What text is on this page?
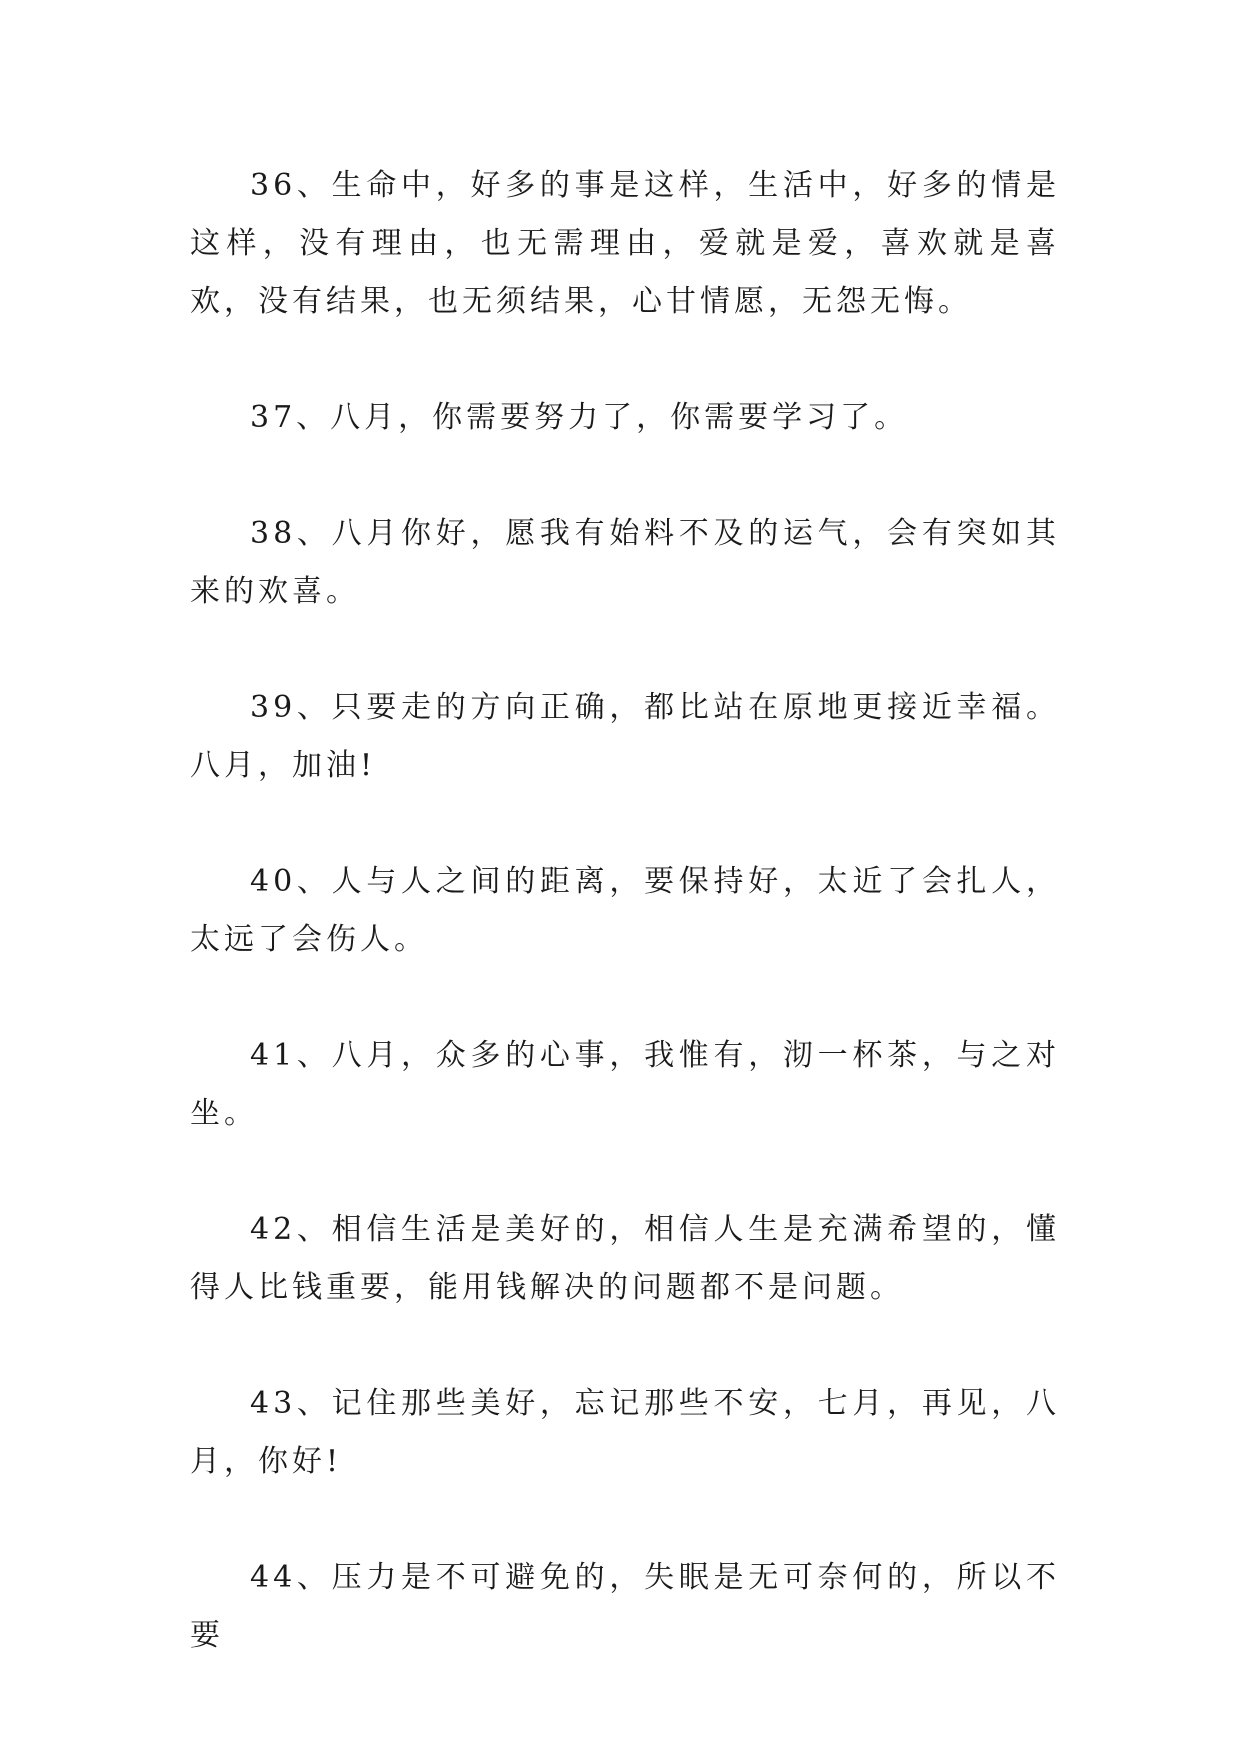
36、生命中，好多的事是这样，生活中，好多的情是这样，没有理由，也无需理由，爱就是爱，喜欢就是喜欢，没有结果，也无须结果，心甘情愿，无怨无悔。

37、八月，你需要努力了，你需要学习了。

38、八月你好，愿我有始料不及的运气，会有突如其来的欢喜。

39、只要走的方向正确，都比站在原地更接近幸福。八月，加油!

40、人与人之间的距离，要保持好，太近了会扎人，太远了会伤人。

41、八月，众多的心事，我惟有，沏一杯茶，与之对坐。

42、相信生活是美好的，相信人生是充满希望的，懂得人比钱重要，能用钱解决的问题都不是问题。

43、记住那些美好，忘记那些不安，七月，再见，八月，你好!

44、压力是不可避免的，失眠是无可奈何的，所以不要
